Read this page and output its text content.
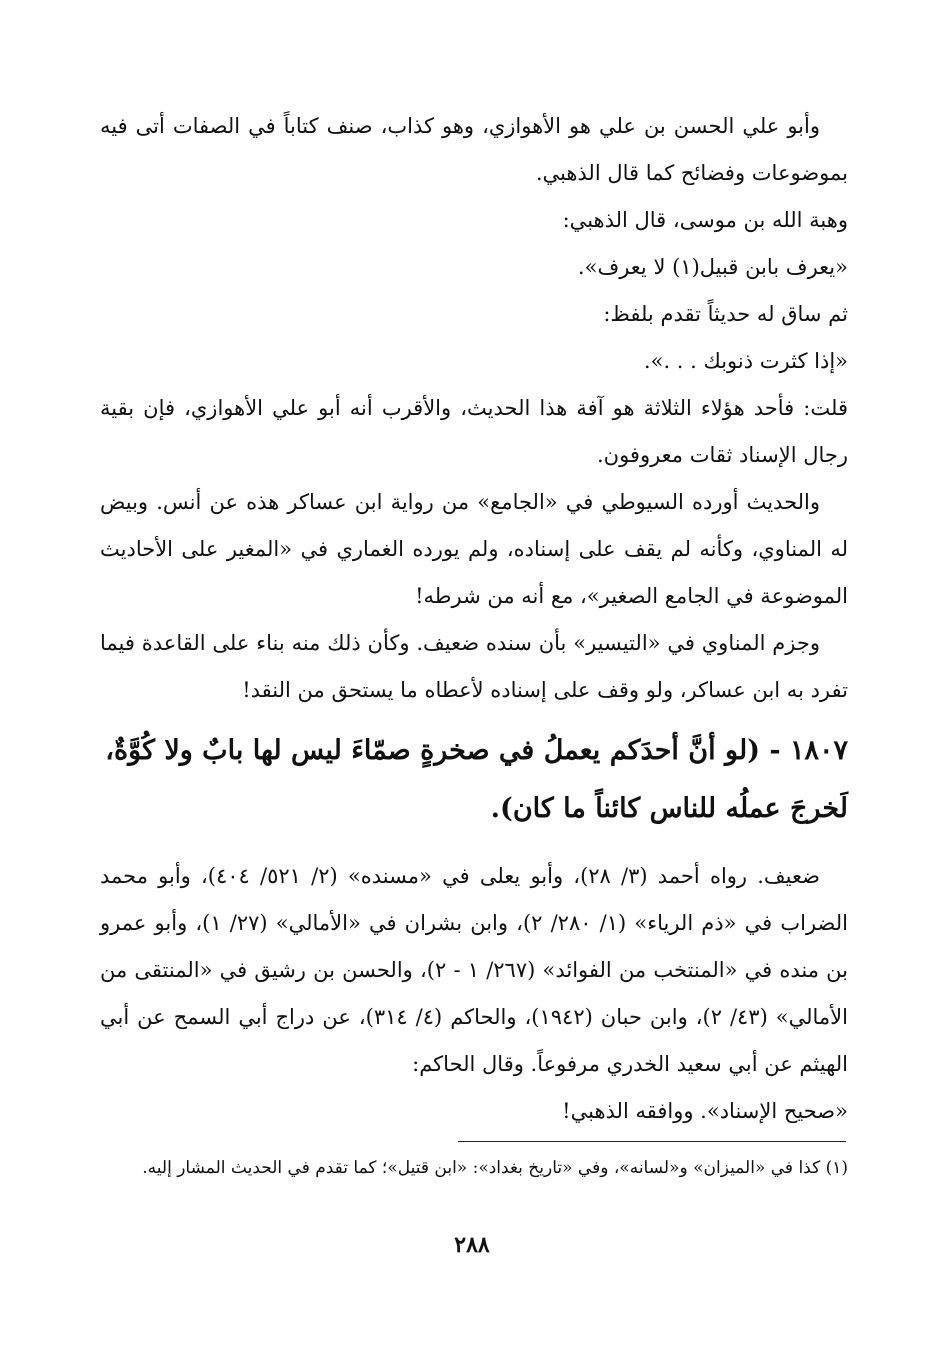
وأبو علي الحسن بن علي هو الأهوازي، وهو كذاب، صنف كتاباً في الصفات أتى فيه بموضوعات وفضائح كما قال الذهبي.

وهبة الله بن موسى، قال الذهبي:

«يعرف بابن قبيل(١) لا يعرف».

ثم ساق له حديثاً تقدم بلفظ:

«إذا كثرت ذنوبك . . .».

قلت: فأحد هؤلاء الثلاثة هو آفة هذا الحديث، والأقرب أنه أبو علي الأهوازي، فإن بقية رجال الإسناد ثقات معروفون.

والحديث أورده السيوطي في «الجامع» من رواية ابن عساكر هذه عن أنس. وبيض له المناوي، وكأنه لم يقف على إسناده، ولم يورده الغماري في «المغير على الأحاديث الموضوعة في الجامع الصغير»، مع أنه من شرطه!

وجزم المناوي في «التيسير» بأن سنده ضعيف. وكأن ذلك منه بناء على القاعدة فيما تفرد به ابن عساكر، ولو وقف على إسناده لأعطاه ما يستحق من النقد!

١٨٠٧ - (لو أنَّ أحدَكم يعملُ في صخرةٍ صمّاءَ ليس لها بابٌ ولا كُوَّةٌ،

لَخرجَ عملُه للناس كائناً ما كان).

ضعيف. رواه أحمد (٣/ ٢٨)، وأبو يعلى في «مسنده» (٢/ ٥٢١/ ٤٠٤)، وأبو محمد الضراب في «ذم الرياء» (١/ ٢٨٠/ ٢)، وابن بشران في «الأمالي» (٢٧/ ١)، وأبو عمرو بن منده في «المنتخب من الفوائد» (٢٦٧/ ١ - ٢)، والحسن بن رشيق في «المنتقى من الأمالي» (٤٣/ ٢)، وابن حبان (١٩٤٢)، والحاكم (٤/ ٣١٤)، عن دراج أبي السمح عن أبي الهيثم عن أبي سعيد الخدري مرفوعاً. وقال الحاكم:

«صحيح الإسناد». ووافقه الذهبي!

(١) كذا في «الميزان» و«لسانه»، وفي «تاريخ بغداد»: «ابن قتيل»؛ كما تقدم في الحديث المشار إليه.

٢٨٨
